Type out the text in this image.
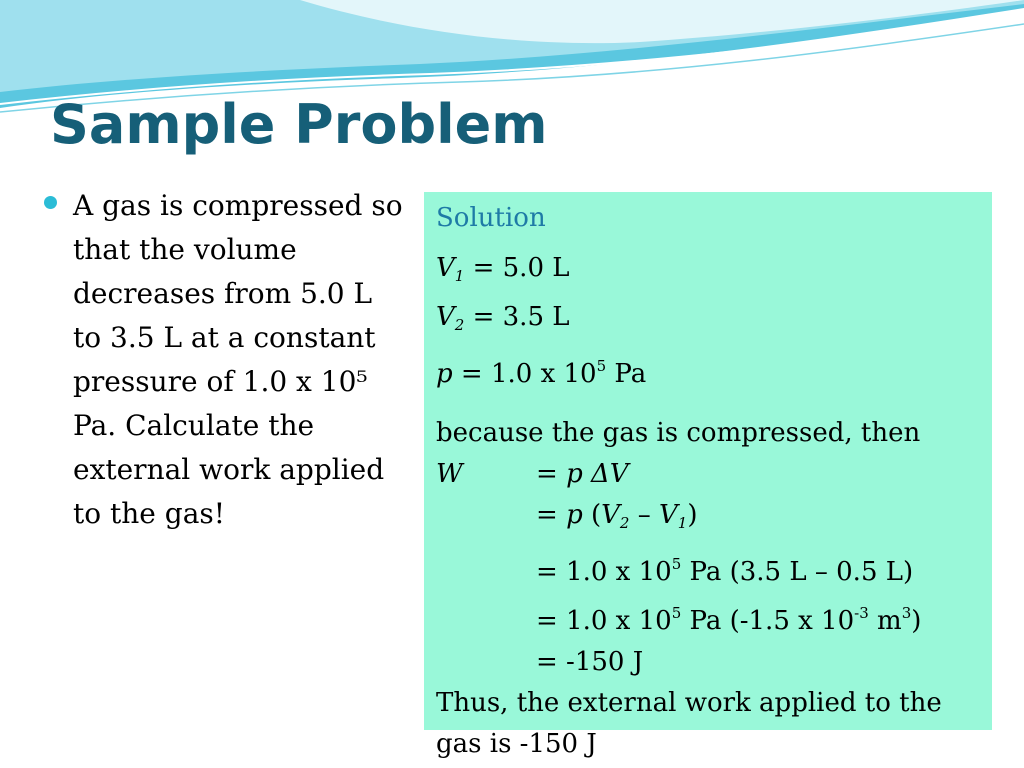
Sample Problem
A gas is compressed so that the volume decreases from 5.0 L to 3.5 L at a constant pressure of 1.0 x 10⁵ Pa. Calculate the external work applied to the gas!
Solution
$V_1 = 5.0$ L
$V_2 = 3.5$ L
p = 1.0 x $10^5$ Pa
because the gas is compressed, then
W	= p ΔV
= p $(V_2 - V_1)$
= 1.0 x $10^5$ Pa (3.5 L – 0.5 L)
= 1.0 x $10^5$ Pa (-1.5 x $10^{-3}$ $m^3$)
= -150 J
Thus, the external work applied to the gas is -150 J
